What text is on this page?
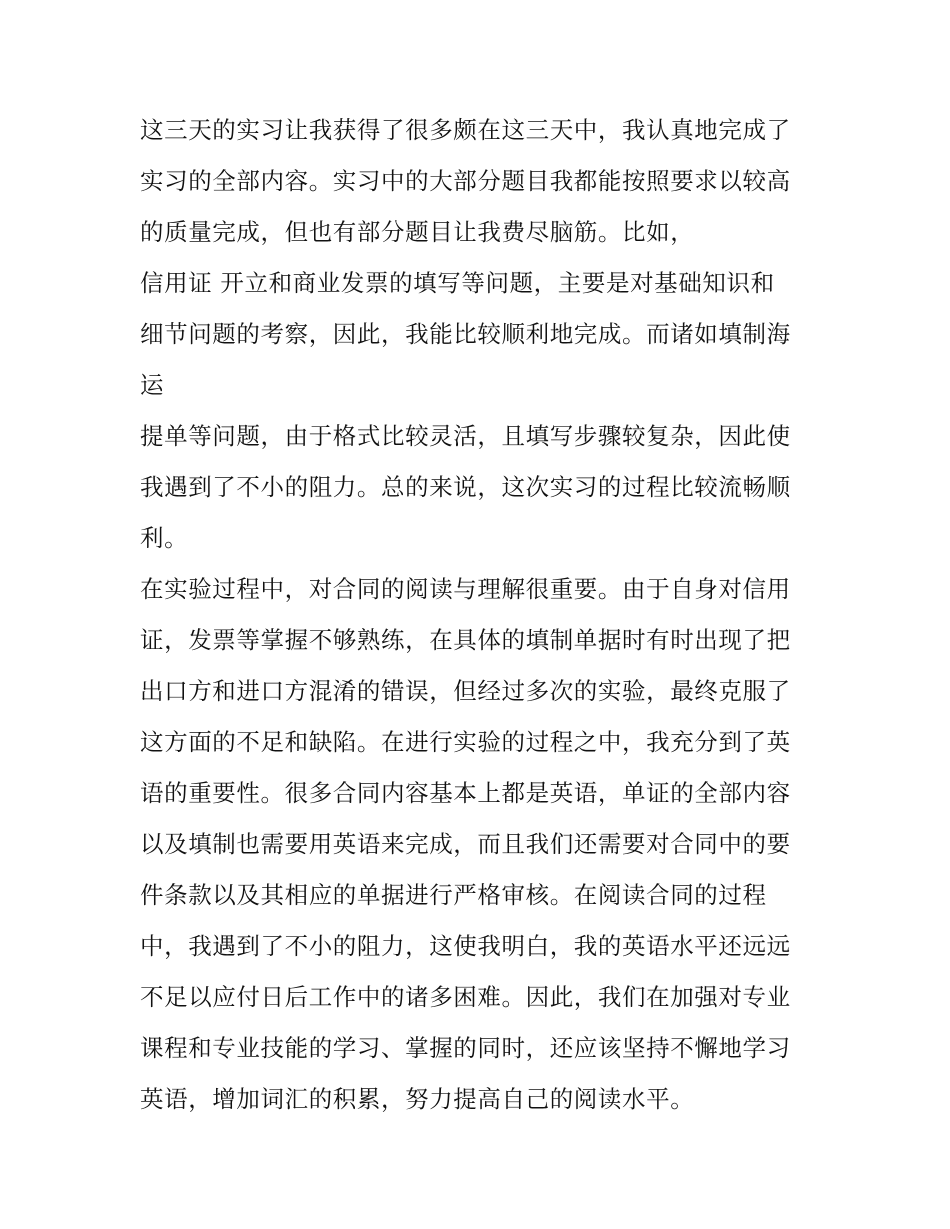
这三天的实习让我获得了很多颇在这三天中，我认真地完成了
实习的全部内容。实习中的大部分题目我都能按照要求以较高
的质量完成，但也有部分题目让我费尽脑筋。比如，
信用证 开立和商业发票的填写等问题，主要是对基础知识和
细节问题的考察，因此，我能比较顺利地完成。而诸如填制海
运
提单等问题，由于格式比较灵活，且填写步骤较复杂，因此使
我遇到了不小的阻力。总的来说，这次实习的过程比较流畅顺
利。
在实验过程中，对合同的阅读与理解很重要。由于自身对信用
证，发票等掌握不够熟练，在具体的填制单据时有时出现了把
出口方和进口方混淆的错误，但经过多次的实验，最终克服了
这方面的不足和缺陷。在进行实验的过程之中，我充分到了英
语的重要性。很多合同内容基本上都是英语，单证的全部内容
以及填制也需要用英语来完成，而且我们还需要对合同中的要
件条款以及其相应的单据进行严格审核。在阅读合同的过程
中，我遇到了不小的阻力，这使我明白，我的英语水平还远远
不足以应付日后工作中的诸多困难。因此，我们在加强对专业
课程和专业技能的学习、掌握的同时，还应该坚持不懈地学习
英语，增加词汇的积累，努力提高自己的阅读水平。
